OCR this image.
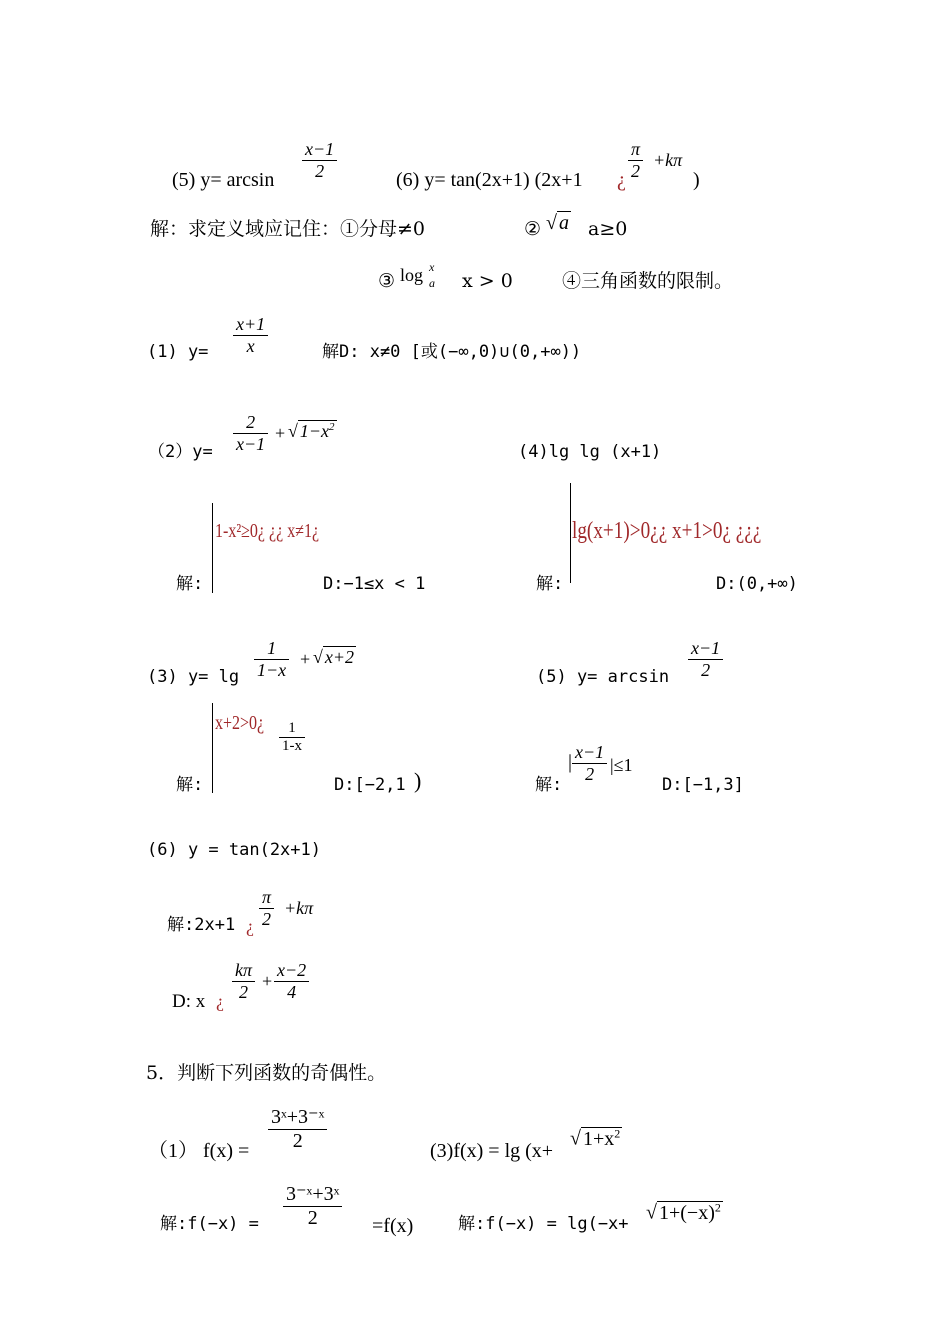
(5) $y= \arcsin \frac{x-1}{2}$	(6) y= tan(2x+1) (2x+1 ¿ $\frac{\pi}{2} +k\pi$
)
解：求定义域应记住：①分母≠0	② √ a a≥0
③ log x
a x > 0	④三角函数的限制。
(1) $y= \frac{x+1}{x}$	解D: x≠0 [或(−∞,0)∪(0,+∞))
$(2)y= \frac{2}{x-1}$ + √ $1-x^2$
(4)lg lg (x+1)
解:
1-x²≥0¿ ¿¿ x≠1¿
D:−1≤x < 1	解:
lg(x+1)>0¿¿ x+1>0¿ ¿¿¿
D:(0,+∞)
(3) $y= \lg \frac{1}{1-x}$ + √ x+2
(5) $y= \arcsin \frac{x-1}{2}$
解:
x+2>0¿ $\frac{1}{1-x}$
D:[−2,1 )	解:
| $\frac{x-1}{2} |\le 1$
D:[−1,3]
(6) y = tan(2x+1)
解:2x+1 ¿ $\frac{\pi}{2} +k\pi$
D: x ¿ $\frac{k\pi}{2} + \frac{x-2}{4}$
5．判断下列函数的奇偶性。
（1） $f(x) = \frac{\text{3ˣ+3⁻ˣ}}{2}$	(3)f(x) = lg (x+
√ $1+x^2$
解:f(−x) = $\frac{\text{3⁻ˣ+3ˣ}}{2} =f(x)$	解:f(−x) = lg(−x+
√ $1+(-x)^2$
